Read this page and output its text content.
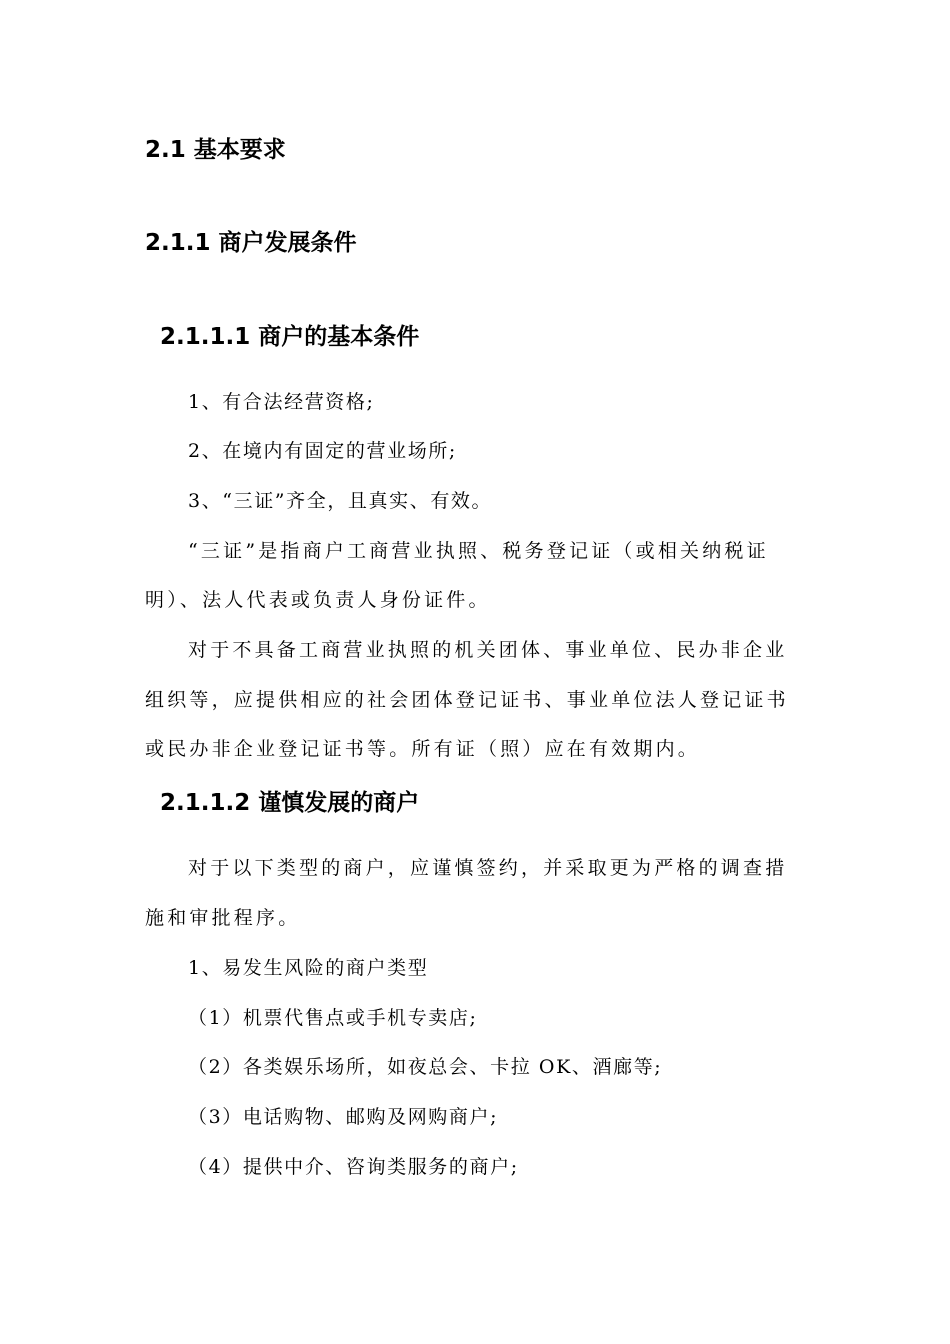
2.1 基本要求
2.1.1 商户发展条件
2.1.1.1 商户的基本条件
1、有合法经营资格;
2、在境内有固定的营业场所;
3、“三证”齐全，且真实、有效。
“三证”是指商户工商营业执照、税务登记证（或相关纳税证
明）、法人代表或负责人身份证件。
对于不具备工商营业执照的机关团体、事业单位、民办非企业
组织等，应提供相应的社会团体登记证书、事业单位法人登记证书
或民办非企业登记证书等。所有证（照）应在有效期内。
2.1.1.2 谨慎发展的商户
对于以下类型的商户，应谨慎签约，并采取更为严格的调查措
施和审批程序。
1、易发生风险的商户类型
（1）机票代售点或手机专卖店;
（2）各类娱乐场所，如夜总会、卡拉 OK、酒廊等;
（3）电话购物、邮购及网购商户;
（4）提供中介、咨询类服务的商户;
